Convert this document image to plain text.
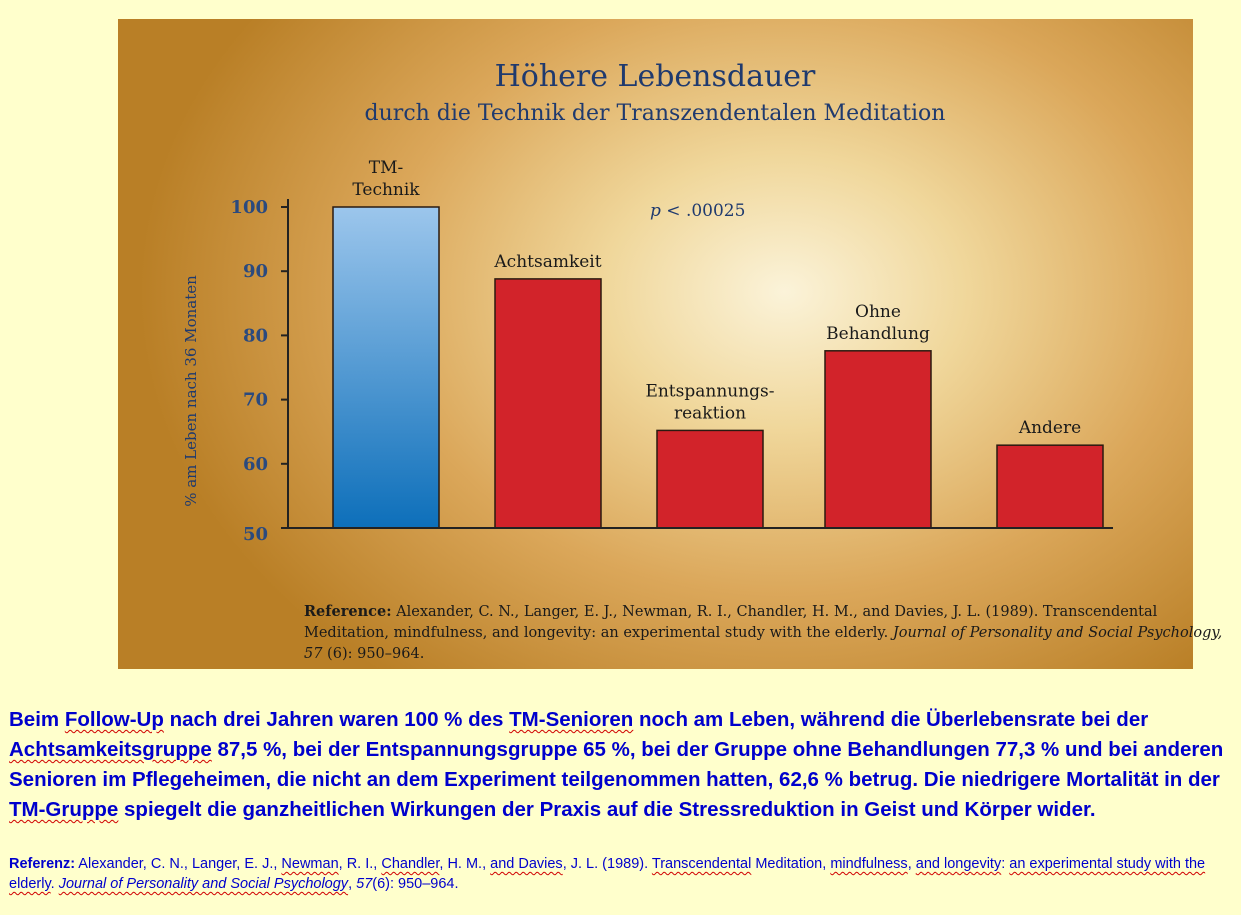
Höhere Lebensdauer
durch die Technik der Transzendentalen Meditation
% am Leben nach 36 Monaten
p < .00025
100
90
80
70
60
50
Technik
TM-
Achtsamkeit
reaktion
Entspannungs-
Behandlung
Ohne
Andere
Reference: Alexander, C. N., Langer, E. J., Newman, R. I., Chandler, H. M., and Davies, J. L. (1989). Transcendental Meditation, mindfulness, and longevity: an experimental study with the elderly. Journal of Personality and Social Psychology, 57 (6): 950–964.
Beim Follow-Up nach drei Jahren waren 100 % des TM-Senioren noch am Leben, während die Überlebensrate bei der Achtsamkeitsgruppe 87,5 %, bei der Entspannungsgruppe 65 %, bei der Gruppe ohne Behandlungen 77,3 % und bei anderen Senioren im Pflegeheimen, die nicht an dem Experiment teilgenommen hatten, 62,6 % betrug. Die niedrigere Mortalität in der TM-Gruppe spiegelt die ganzheitlichen Wirkungen der Praxis auf die Stressreduktion in Geist und Körper wider.
Referenz: Alexander, C. N., Langer, E. J., Newman, R. I., Chandler, H. M., and Davies, J. L. (1989). Transcendental Meditation, mindfulness, and longevity: an experimental study with the elderly. Journal of Personality and Social Psychology, 57(6): 950–964.
